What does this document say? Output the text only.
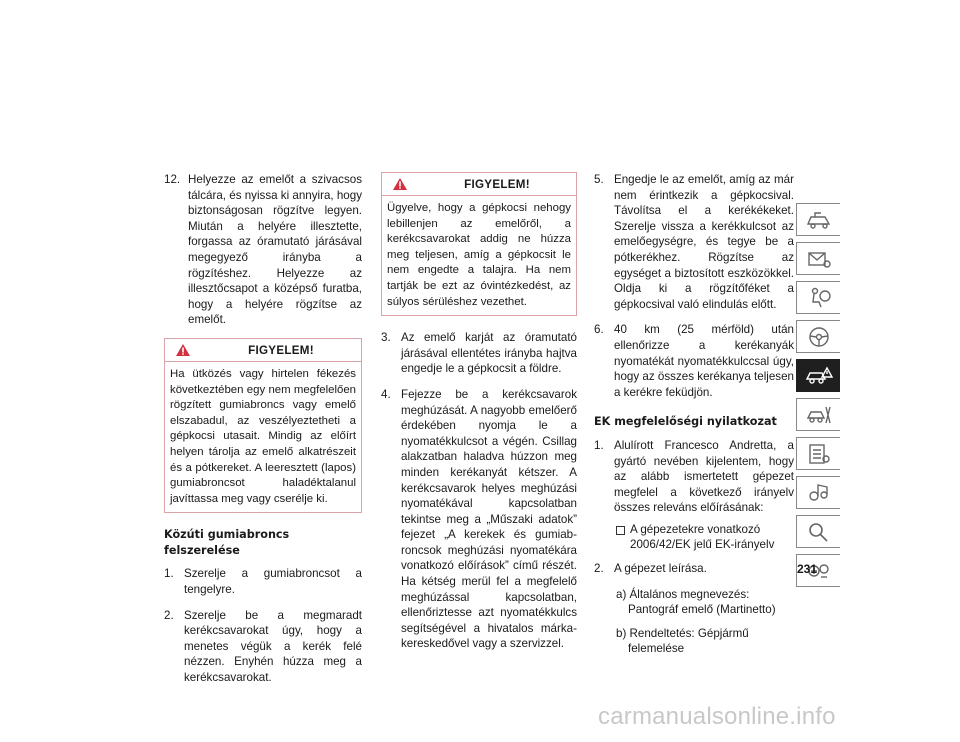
12. Helyezze az emelőt a szivacsos tálcára, és nyissa ki annyira, hogy biztonságosan rögzítve legyen. Miután a helyére illesztette, forgassa az óramutató járásával megegyező irányba a rögzítéshez. Helyezze az illesztőcsapot a középső furatba, hogy a helyére rögzítse az emelőt.
FIGYELEM!
Ha ütközés vagy hirtelen fékezés következtében egy nem megfelelően rögzített gumiabroncs vagy emelő elszabadul, az veszélyeztetheti a gépkocsi utasait. Mindig az előírt helyen tárolja az emelő alkatrészeit és a pótkereket. A leeresztett (lapos) gumiabroncsot haladéktalanul javíttassa meg vagy cserélje ki.
Közúti gumiabroncs felszerelése
1. Szerelje a gumiabroncsot a tengelyre.
2. Szerelje be a megmaradt kerékcsavarokat úgy, hogy a menetes végük a kerék felé nézzen. Enyhén húzza meg a kerékcsavarokat.
FIGYELEM!
Ügyelve, hogy a gépkocsi nehogy lebillenjen az emelőről, a kerékcsavarokat addig ne húzza meg teljesen, amíg a gépkocsit le nem engedte a talajra. Ha nem tartják be ezt az óvintézkedést, az súlyos sérüléshez vezethet.
3. Az emelő karját az óramutató járásával ellentétes irányba hajtva engedje le a gépkocsit a földre.
4. Fejezze be a kerékcsavarok meghúzását. A nagyobb emelőerő érdekében nyomja le a nyomatékkulcsot a végén. Csillag alakzatban haladva húzzon meg minden kerékanyát kétszer. A kerékcsavarok helyes meghúzási nyomatékával kapcsolatban tekintse meg a „Műszaki adatok” fejezet „A kerekek és gumiabroncsok meghúzási nyomatékára vonatkozó előírások” című részét. Ha kétség merül fel a megfelelő meghúzással kapcsolatban, ellenőriztesse azt nyomatékkulcs segítségével a hivatalos márkakereskedővel vagy a szervizzel.
5. Engedje le az emelőt, amíg az már nem érintkezik a gépkocsival. Távolítsa el a kerékékeket. Szerelje vissza a kerékkulcsot az emelőegységre, és tegye be a pótkerékhez. Rögzítse az egységet a biztosított eszközökkel. Oldja ki a rögzítőféket a gépkocsival való elindulás előtt.
6. 40 km (25 mérföld) után ellenőrizze a kerékanyák nyomatékát nyomatékkulccsal úgy, hogy az összes kerékanya teljesen a kerékre feküdjön.
EK megfelelőségi nyilatkozat
1. Alulírott Francesco Andretta, a gyártó nevében kijelentem, hogy az alább ismertetett gépezet megfelel a következő irányelv összes releváns előírásának:
A gépezetekre vonatkozó 2006/42/EK jelű EK-irányelv
2. A gépezet leírása.
a) Általános megnevezés: Pantográf emelő (Martinetto)
b) Rendeltetés: Gépjármű felemelése
231
carmanualsonline.info
